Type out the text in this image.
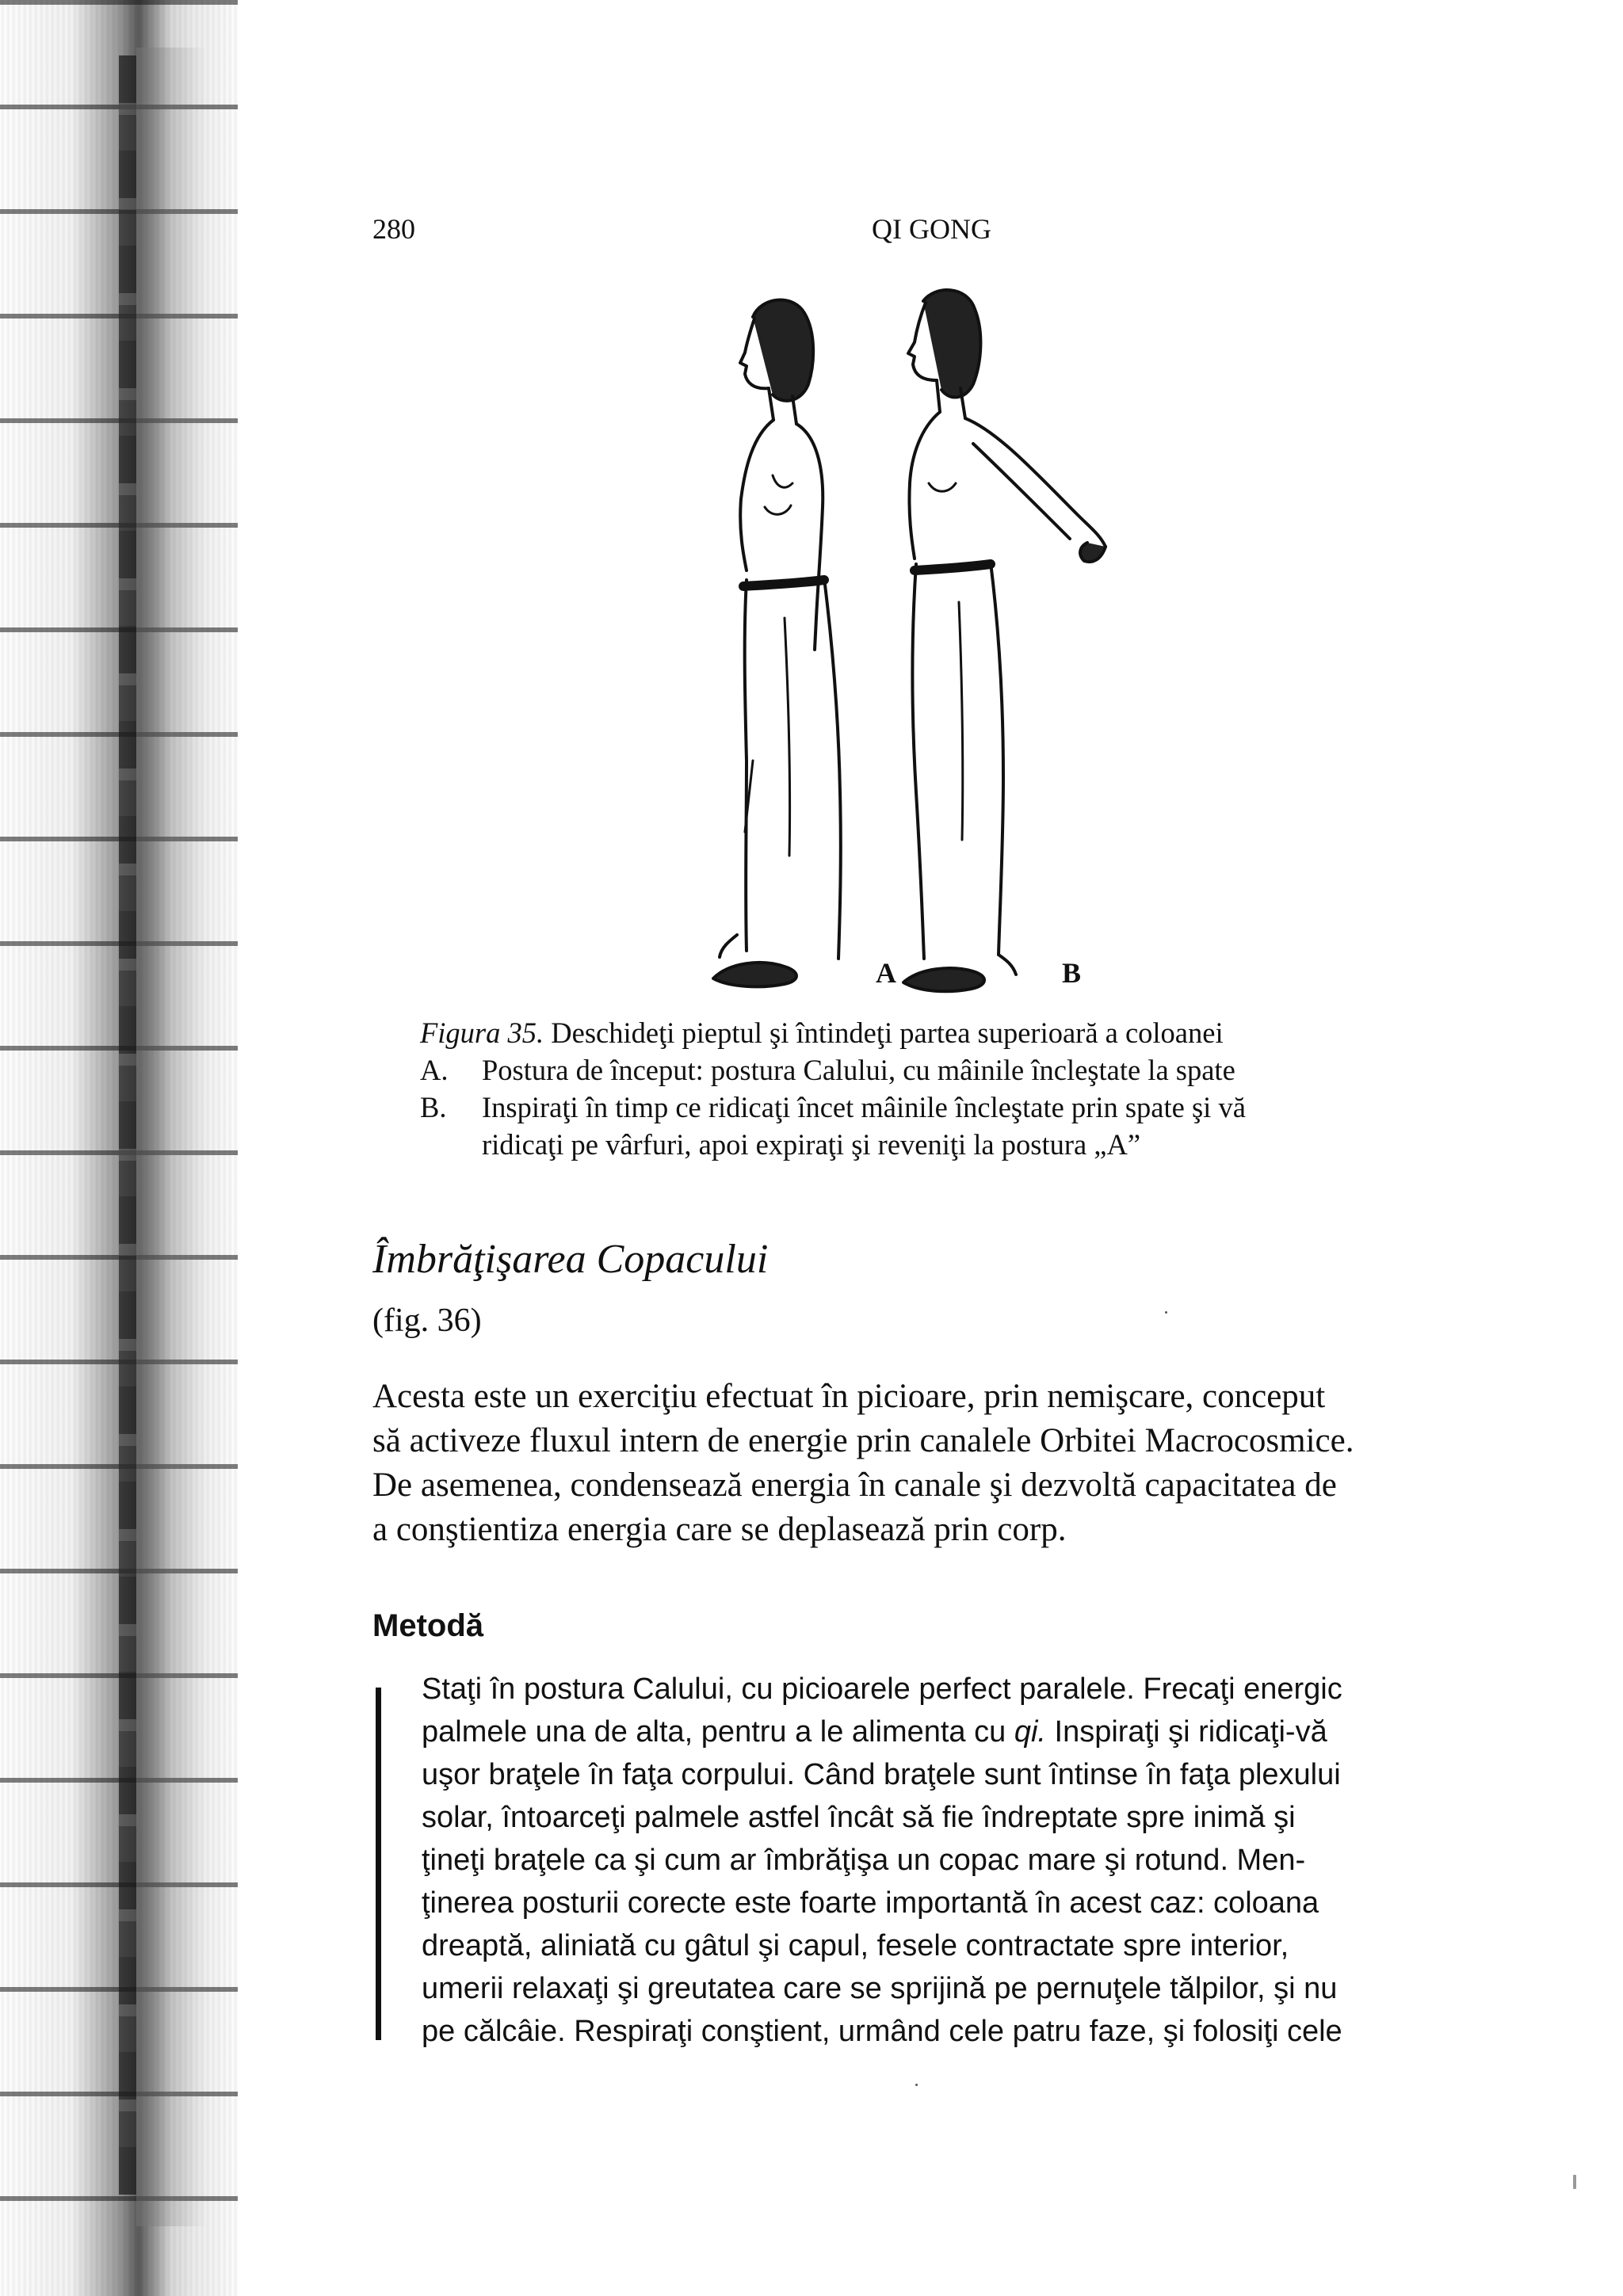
280	QI GONG
A	B
Figura 35. Deschideţi pieptul şi întindeţi partea superioară a coloanei
A. Postura de început: postura Calului, cu mâinile încleştate la spate
B. Inspiraţi în timp ce ridicaţi încet mâinile încleştate prin spate şi vă
ridicaţi pe vârfuri, apoi expiraţi şi reveniţi la postura „A”
Îmbrăţişarea Copacului
(fig. 36)
Acesta este un exerciţiu efectuat în picioare, prin nemişcare, conceput
să activeze fluxul intern de energie prin canalele Orbitei Macrocosmice.
De asemenea, condensează energia în canale şi dezvoltă capacitatea de
a conştientiza energia care se deplasează prin corp.
Metodă
Staţi în postura Calului, cu picioarele perfect paralele. Frecaţi energic
palmele una de alta, pentru a le alimenta cu qi. Inspiraţi şi ridicaţi-vă
uşor braţele în faţa corpului. Când braţele sunt întinse în faţa plexului
solar, întoarceţi palmele astfel încât să fie îndreptate spre inimă şi
ţineţi braţele ca şi cum ar îmbrăţişa un copac mare şi rotund. Men-
ţinerea posturii corecte este foarte importantă în acest caz: coloana
dreaptă, aliniată cu gâtul şi capul, fesele contractate spre interior,
umerii relaxaţi şi greutatea care se sprijină pe pernuţele tălpilor, şi nu
pe călcâie. Respiraţi conştient, urmând cele patru faze, şi folosiţi cele
